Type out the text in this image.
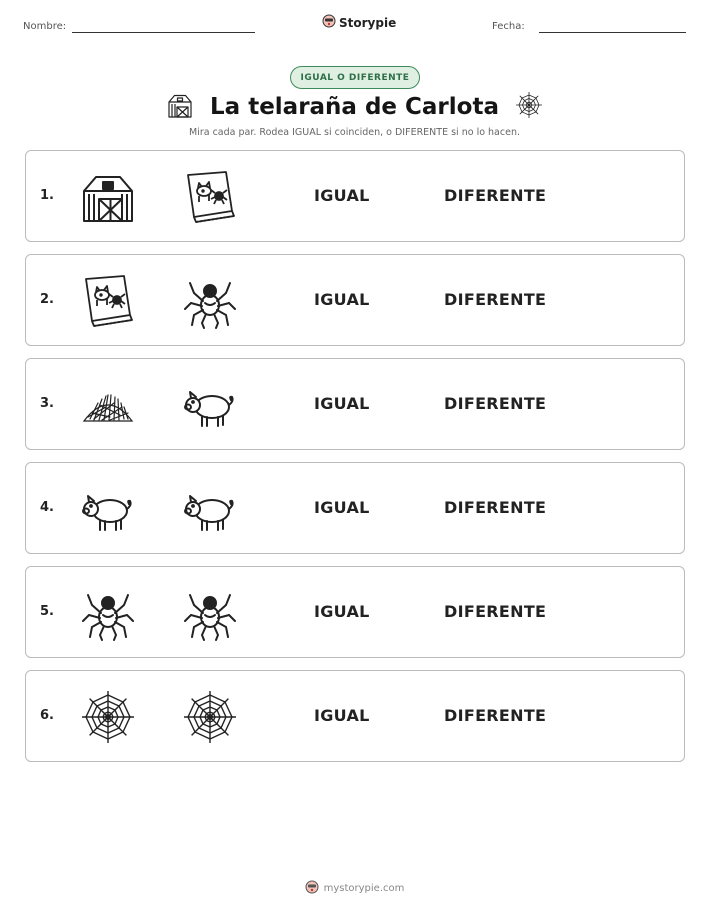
Nombre:	Storypie	Fecha:
IGUAL O DIFERENTE
La telaraña de Carlota
Mira cada par. Rodea IGUAL si coinciden, o DIFERENTE si no lo hacen.
1.	IGUAL	DIFERENTE
2.	IGUAL	DIFERENTE
3.	IGUAL	DIFERENTE
4.	IGUAL	DIFERENTE
5.	IGUAL	DIFERENTE
6.	IGUAL	DIFERENTE
mystorypie.com
